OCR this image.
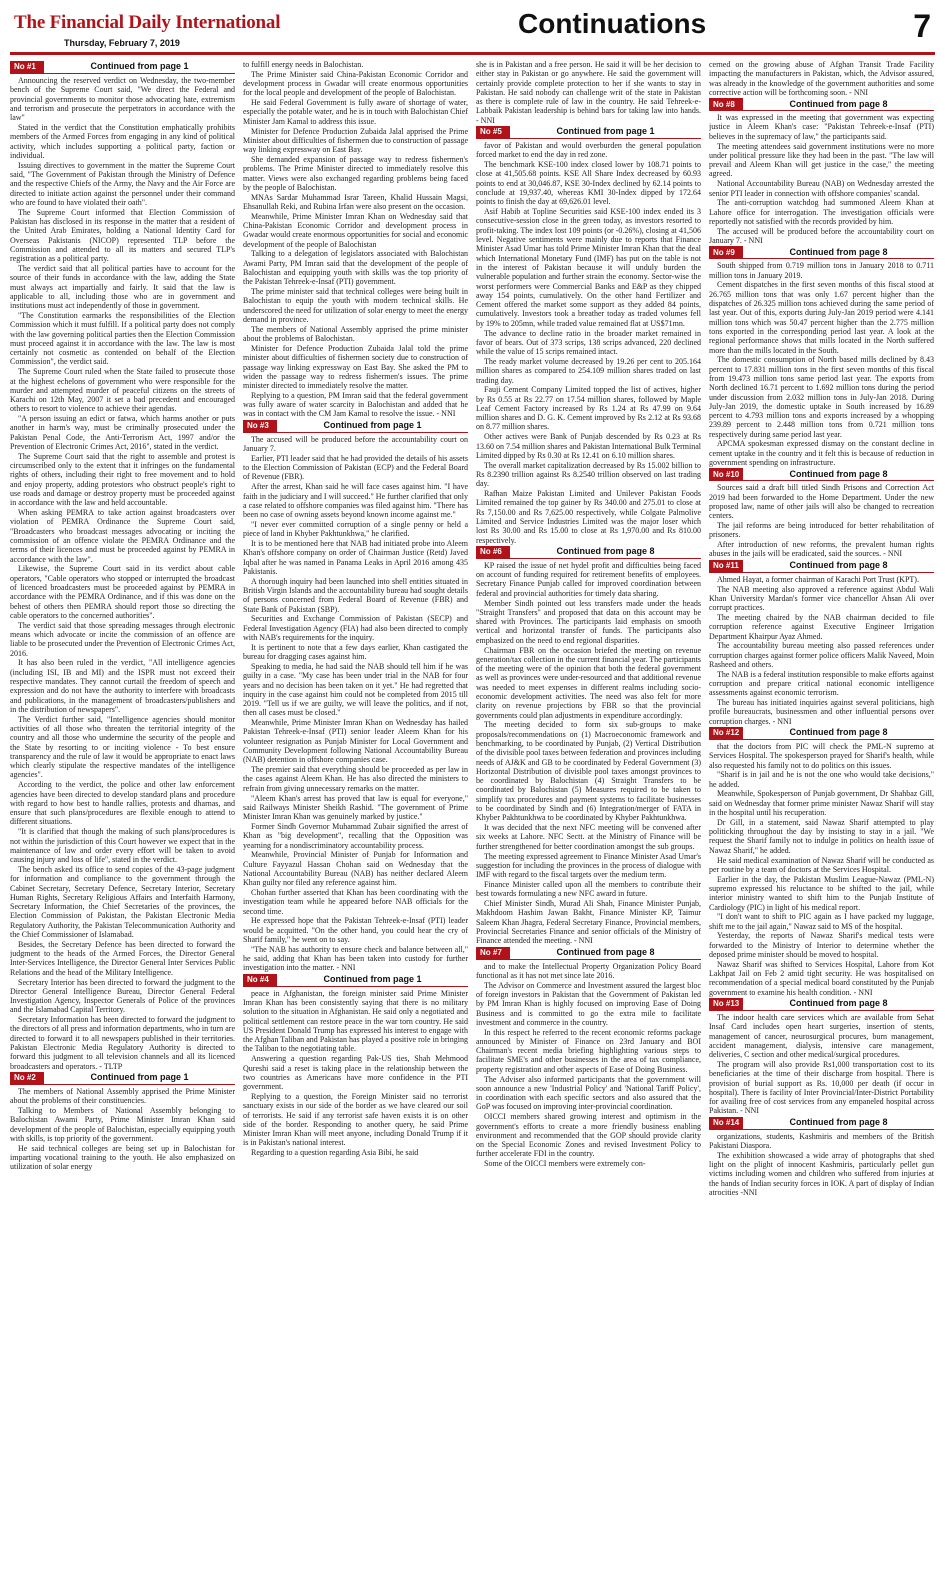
The Financial Daily International
Thursday, February 7, 2019
Continuations	7
No #1	Continued from page 1

Announcing the reserved verdict on Wednesday, the two-member bench of the Supreme Court said, "We direct the Federal and provincial governments to monitor those advocating hate, extremism and terrorism and prosecute the perpetrators in accordance with the law"

Stated in the verdict that the Constitution emphatically prohibits members of the Armed Forces from engaging in any kind of political activity, which includes supporting a political party, faction or individual.

Issuing directives to government in the matter the Supreme Court said, "The Government of Pakistan through the Ministry of Defence and the respective Chiefs of the Army, the Navy and the Air Force are directed to initiate action against the personnel under their command who are found to have violated their oath".

The Supreme Court informed that Election Commission of Pakistan has disclosed in its response in the matter that a resident of the United Arab Emirates, holding a National Identity Card for Overseas Pakistanis (NICOP) represented TLP before the Commission and attended to all its matters and secured TLP's registration as a political party.

The verdict said that all political parties have to account for the source of their funds in accordance with the law, adding the State must always act impartially and fairly. It said that the law is applicable to all, including those who are in government and institutions must act independently of those in government.

"The Constitution earmarks the responsibilities of the Election Commission which it must fulfill. If a political party does not comply with the law governing political parties then the Election Commission must proceed against it in accordance with the law. The law is most certainly not cosmetic as contended on behalf of the Election Commission", the verdict said.

The Supreme Court ruled when the State failed to prosecute those at the highest echelons of government who were responsible for the murder and attempted murder of peaceful citizens on the streets of Karachi on 12th May, 2007 it set a bad precedent and encouraged others to resort to violence to achieve their agendas.

"A person issuing an edict or fatwa, which harms another or puts another in harm's way, must be criminally prosecuted under the Pakistan Penal Code, the Anti-Terrorism Act, 1997 and/or the Prevention of Electronic Crimes Act, 2016", stated in the verdict.

The Supreme Court said that the right to assemble and protest is circumscribed only to the extent that it infringes on the fundamental rights of others, including their right to free movement and to hold and enjoy property, adding protestors who obstruct people's right to use roads and damage or destroy property must be proceeded against in accordance with the law and held accountable.

When asking PEMRA to take action against broadcasters over violation of PEMRA Ordinance the Supreme Court said, "Broadcasters who broadcast messages advocating or inciting the commission of an offence violate the PEMRA Ordinance and the terms of their licences and must be proceeded against by PEMRA in accordance with the law".

Likewise, the Supreme Court said in its verdict about cable operators, "Cable operators who stopped or interrupted the broadcast of licenced broadcasters must be proceeded against by PEMRA in accordance with the PEMRA Ordinance, and if this was done on the behest of others then PEMRA should report those so directing the cable operators to the concerned authorities".

The verdict said that those spreading messages through electronic means which advocate or incite the commission of an offence are liable to be prosecuted under the Prevention of Electronic Crimes Act, 2016.

It has also been ruled in the verdict, "All intelligence agencies (including ISI, IB and MI) and the ISPR must not exceed their respective mandates. They cannot curtail the freedom of speech and expression and do not have the authority to interfere with broadcasts and publications, in the management of broadcasters/publishers and in the distribution of newspapers".

The Verdict further said, "Intelligence agencies should monitor activities of all those who threaten the territorial integrity of the country and all those who undermine the security of the people and the State by resorting to or inciting violence - To best ensure transparency and the rule of law it would be appropriate to enact laws which clearly stipulate the respective mandates of the intelligence agencies".

According to the verdict, the police and other law enforcement agencies have been directed to develop standard plans and procedure with regard to how best to handle rallies, protests and dharnas, and ensure that such plans/procedures are flexible enough to attend to different situations.

"It is clarified that though the making of such plans/procedures is not within the jurisdiction of this Court however we expect that in the maintenance of law and order every effort will be taken to avoid causing injury and loss of life", stated in the verdict.

The bench asked its office to send copies of the 43-page judgment for information and compliance to the government through the Cabinet Secretary, Secretary Defence, Secretary Interior, Secretary Human Rights, Secretary Religious Affairs and Interfaith Harmony, Secretary Information, the Chief Secretaries of the provinces, the Election Commission of Pakistan, the Pakistan Electronic Media Regulatory Authority, the Pakistan Telecommunication Authority and the Chief Commissioner of Islamabad.

Besides, the Secretary Defence has been directed to forward the judgment to the heads of the Armed Forces, the Director General Inter-Services Intelligence, the Director General Inter Services Public Relations and the head of the Military Intelligence.

Secretary Interior has been directed to forward the judgment to the Director General Intelligence Bureau, Director General Federal Investigation Agency, Inspector Generals of Police of the provinces and the Islamabad Capital Territory.

Secretary Information has been directed to forward the judgment to the directors of all press and information departments, who in turn are directed to forward it to all newspapers published in their territories. Pakistan Electronic Media Regulatory Authority is directed to forward this judgment to all television channels and all its licenced broadcasters and operators. - TLTP

No #2	Continued from page 1

The members of National Assembly apprised the Prime Minister about the problems of their constituencies.

Talking to Members of National Assembly belonging to Balochistan Awami Party, Prime Minister Imran Khan said development of the people of Balochistan, especially equipping youth with skills, is top priority of the government.

He said technical colleges are being set up in Balochistan for imparting vocational training to the youth. He also emphasized on utilization of solar energy

to fulfill energy needs in Balochistan.

The Prime Minister said China-Pakistan Economic Corridor and development process in Gwadar will create enormous opportunities for the local people and development of the people of Balochistan.

He said Federal Government is fully aware of shortage of water, especially the potable water, and he is in touch with Balochistan Chief Minister Jam Kamal to address this issue.

Minister for Defence Production Zubaida Jalal apprised the Prime Minister about difficulties of fishermen due to construction of passage way linking expressway on East Bay.

She demanded expansion of passage way to redress fishermen's problems. The Prime Minister directed to immediately resolve this matter. Views were also exchanged regarding problems being faced by the people of Balochistan.

MNAs Sardar Muhammad Israr Tareen, Khalid Hussain Magsi, Ehsanullah Reki, and Rubina Irfan were also present on the occasion.

Meanwhile, Prime Minister Imran Khan on Wednesday said that China-Pakistan Economic Corridor and development process in Gwadar would create enormous opportunities for social and economic development of the people of Balochistan

Talking to a delegation of legislators associated with Balochistan Awami Party, PM Imran said that the development of the people of Balochistan and equipping youth with skills was the top priority of the Pakistan Tehreek-e-Insaf (PTI) government.

The prime minister said that technical colleges were being built in Balochistan to equip the youth with modern technical skills. He underscored the need for utilization of solar energy to meet the energy demand in province.

The members of National Assembly apprised the prime minister about the problems of Balochistan.

Minister for Defence Production Zubaida Jalal told the prime minister about difficulties of fishermen society due to construction of passage way linking expressway on East Bay. She asked the PM to widen the passage way to redress fishermen's issues. The prime minister directed to immediately resolve the matter.

Replying to a question, PM Imran said that the federal government was fully aware of water scarcity in Balochistan and added that he was in contact with the CM Jam Kamal to resolve the issue. - NNI

No #3	Continued from page 1

The accused will be produced before the accountability court on January 7.

Earlier, PTI leader said that he had provided the details of his assets to the Election Commission of Pakistan (ECP) and the Federal Board of Revenue (FBR).

After the arrest, Khan said he will face cases against him. "I have faith in the judiciary and I will succeed." He further clarified that only a case related to offshore companies was filed against him. "There has been no case of owning assets beyond known income against me."

"I never ever committed corruption of a single penny or held a piece of land in Khyber Pakhtunkhwa," he clarified.

It is to be mentioned here that NAB had initiated probe into Aleem Khan's offshore company on order of Chairman Justice (Retd) Javed Iqbal after he was named in Panama Leaks in April 2016 among 435 Pakistanis.

A thorough inquiry had been launched into shell entities situated in British Virgin Islands and the accountability bureau had sought details of persons concerned from Federal Board of Revenue (FBR) and State Bank of Pakistan (SBP).

Securities and Exchange Commission of Pakistan (SECP) and Federal Investigation Agency (FIA) had also been directed to comply with NAB's requirements for the inquiry.

It is pertinent to note that a few days earlier, Khan castigated the bureau for dragging cases against him.

Speaking to media, he had said the NAB should tell him if he was guilty in a case. "My case has been under trial in the NAB for four years and no decision has been taken on it yet." He had regretted that inquiry in the case against him could not be completed from 2015 till 2019. "Tell us if we are guilty, we will leave the politics, and if not, then all cases must be closed."

Meanwhile, Prime Minister Imran Khan on Wednesday has hailed Pakistan Tehreek-e-Insaf (PTI) senior leader Aleem Khan for his volunteer resignation as Punjab Minister for Local Government and Community Development following National Accountability Bureau (NAB) detention in offshore companies case.

The premier said that everything should be proceeded as per law in the cases against Aleem Khan. He has also directed the ministers to refrain from giving unnecessary remarks on the matter.

"Aleem Khan's arrest has proved that law is equal for everyone," said Railways Minister Sheikh Rashid. "The government of Prime Minister Imran Khan was genuinely marked by justice."

Former Sindh Governor Muhammad Zubair signified the arrest of Khan as "big development", recalling that the Opposition was yearning for a nondiscriminatory accountability process.

Meanwhile, Provincial Minister of Punjab for Information and Culture Fayyazul Hassan Chohan said on Wednesday that the National Accountability Bureau (NAB) has neither declared Aleem Khan guilty nor filed any reference against him.

Chohan further asserted that Khan has been coordinating with the investigation team while he appeared before NAB officials for the second time.

He expressed hope that the Pakistan Tehreek-e-Insaf (PTI) leader would be acquitted. "On the other hand, you could hear the cry of Sharif family," he went on to say.

"The NAB has authority to ensure check and balance between all," he said, adding that Khan has been taken into custody for further investigation into the matter. - NNI

No #4	Continued from page 1

peace in Afghanistan, the foreign minister said Prime Minister Imran Khan has been consistently saying that there is no military solution to the situation in Afghanistan. He said only a negotiated and political settlement can restore peace in the war torn country. He said US President Donald Trump has expressed his interest to engage with the Afghan Taliban and Pakistan has played a positive role in bringing the Taliban to the negotiating table.

Answering a question regarding Pak-US ties, Shah Mehmood Qureshi said a reset is taking place in the relationship between the two countries as Americans have more confidence in the PTI government.

Replying to a question, the Foreign Minister said no terrorist sanctuary exists in our side of the border as we have cleared our soil of terrorists. He said if any terrorist safe haven exists it is on other side of the border. Responding to another query, he said Prime Minister Imran Khan will meet anyone, including Donald Trump if it is in Pakistan's national interest.

Regarding to a question regarding Asia Bibi, he said

she is in Pakistan and a free person. He said it will be her decision to either stay in Pakistan or go anywhere. He said the government will certainly provide complete protection to her if she wants to stay in Pakistan. He said nobody can challenge writ of the state in Pakistan as there is complete rule of law in the country. He said Tehreek-e-Labbaik Pakistan leadership is behind bars for taking law into hands. - NNI

No #5	Continued from page 1

favor of Pakistan and would overburden the general population forced market to end the day in red zone.

The benchmark KSE-100 index closed lower by 108.71 points to close at 41,505.68 points. KSE All Share Index decreased by 60.93 points to end at 30,046.87, KSE 30-Index declined by 62.14 points to conclude at 19,937.40, whereas KMI 30-Index dipped by 172.64 points to finish the day at 69,626.01 level.

Asif Habib at Topline Securities said KSE-100 index ended its 3 consecutive-session close in the green today, as investors resorted to profit-taking. The index lost 109 points (or -0.26%), closing at 41,506 level. Negative sentiments were mainly due to reports that Finance Minister Asad Umar has told Prime Minister Imran Khan that the deal which International Monetary Fund (IMF) has put on the table is not in the interest of Pakistan because it will unduly burden the vulnerable population and further strain the economy. Sector-wise the worst performers were Commercial Banks and E&P as they chipped away 154 points, cumulatively. On the other hand Fertilizer and Cement offered the market some support as they added 84 points, cumulatively. Investors took a breather today as traded volumes fell by 19% to 205mn, while traded value remained flat at US$71mn.

The advance to decline ratio in the broader market remained in favor of bears. Out of 373 scrips, 138 scrips advanced, 220 declined while the value of 15 scrips remained intact.

The ready market volume decreased by 19.26 per cent to 205.164 million shares as compared to 254.109 million shares traded on last trading day.

Fauji Cement Company Limited topped the list of actives, higher by Rs 0.55 at Rs 22.77 on 17.54 million shares, followed by Maple Leaf Cement Factory increased by Rs 1.24 at Rs 47.99 on 9.64 million shares and D. G. K. Cement improved by Rs 2.12 at Rs 93.68 on 8.77 million shares.

Other actives were Bank of Punjab descended by Rs 0.23 at Rs 13.60 on 7.54 million shares and Pakistan International Bulk Terminal Limited dipped by Rs 0.30 at Rs 12.41 on 6.10 million shares.

The overall market capitalization decreased by Rs 15.002 billion to Rs 8.2390 trillion against Rs 8.2540 trillion observed on last trading day.

Rafhan Maize Pakistan Limited and Unilever Pakistan Foods Limited remained the top gainer by Rs 340.00 and 275.01 to close at Rs 7,150.00 and Rs 7,625.00 respectively, while Colgate Palmolive Limited and Service Industries Limited was the major loser which lost Rs 30.00 and Rs 15.00 to close at Rs 1,970.00 and Rs 810.00 respectively.

No #6	Continued from page 8

KP raised the issue of net hydel profit and difficulties being faced on account of funding required for retirement benefits of employees. Secretary Finance Punjab called for improved coordination between federal and provincial authorities for timely data sharing.

Member Sindh pointed out less transfers made under the heads "Straight Transfers" and proposed that data on this account may be shared with Provinces. The participants laid emphasis on smooth vertical and horizontal transfer of funds. The participants also emphasized on the need to end regional disparities.

Chairman FBR on the occasion briefed the meeting on revenue generation/tax collection in the current financial year. The participants of the meeting were of the opinion that both the federal government as well as provinces were under-resourced and that additional revenue was needed to meet expenses in different realms including socio-economic development activities. The need was also felt for more clarity on revenue projections by FBR so that the provincial governments could plan adjustments in expenditure accordingly.

The meeting decided to form six sub-groups to make proposals/recommendations on (1) Macroeconomic framework and benchmarking, to be coordinated by Punjab, (2) Vertical Distribution of the divisible pool taxes between federation and provinces including needs of AJ&K and GB to be coordinated by Federal Government (3) Horizontal Distribution of divisible pool taxes amongst provinces to be coordinated by Balochistan (4) Straight Transfers to be coordinated by Balochistan (5) Measures required to be taken to simplify tax procedures and payment systems to facilitate businesses to be coordinated by Sindh and (6) Integration/merger of FATA in Khyber Pakhtunkhwa to be coordinated by Khyber Pakhtunkhwa.

It was decided that the next NFC meeting will be convened after six weeks at Lahore. NFC Sectt. at the Ministry of Finance will be further strengthened for better coordination amongst the sub groups.

The meeting expressed agreement to Finance Minister Asad Umar's suggestion for including the provinces in the process of dialogue with IMF with regard to the fiscal targets over the medium term.

Finance Minister called upon all the members to contribute their best towards formulating a new NFC award in future.

Chief Minister Sindh, Murad Ali Shah, Finance Minister Punjab, Makhdoom Hashim Jawan Bakht, Finance Minister KP, Taimur Saleem Khan Jhagra, Federal Secretary Finance, Provincial members, Provincial Secretaries Finance and senior officials of the Ministry of Finance attended the meeting. - NNI

No #7	Continued from page 8

and to make the Intellectual Property Organization Policy Board functional as it has not met since late 2016.

The Advisor on Commerce and Investment assured the largest bloc of foreign investors in Pakistan that the Government of Pakistan led by PM Imran Khan is highly focused on improving Ease of Doing Business and is committed to go the extra mile to facilitate investment and commerce in the country.

In this respect he referred to the recent economic reforms package announced by Minister of Finance on 23rd January and BOI Chairman's recent media briefing highlighting various steps to facilitate SME's and other businesses in the area of tax compliance, property registration and other aspects of Ease of Doing Business.

The Adviser also informed participants that the government will soon announce a new 'Industrial Policy' and 'National Tariff Policy', in coordination with each specific sectors and also assured that the GoP was focused on improving inter-provincial coordination.

OICCI members shared growing interest and optimism in the government's efforts to create a more friendly business enabling environment and recommended that the GOP should provide clarity on the Special Economic Zones and revised Investment Policy to further accelerate FDI in the country.

Some of the OICCI members were extremely con-

cerned on the growing abuse of Afghan Transit Trade Facility impacting the manufacturers in Pakistan, which, the Advisor assured, was already in the knowledge of the government authorities and some corrective action will be forthcoming soon. - NNI

No #8	Continued from page 8

It was expressed in the meeting that government was expecting justice in Aleem Khan's case: "Pakistan Tehreek-e-Insaf (PTI) believes in the supremacy of law," the participants said.

The meeting attendees said government institutions were no more under political pressure like they had been in the past. "The law will prevail and Aleem Khan will get justice in the case," the meeting agreed.

National Accountability Bureau (NAB) on Wednesday arrested the senior PTI leader in connection with offshore companies' scandal.

The anti-corruption watchdog had summoned Aleem Khan at Lahore office for interrogation. The investigation officials were reportedly not satisfied with the records provided by him.

The accused will be produced before the accountability court on January 7. - NNI

No #9	Continued from page 8

South shipped from 0.719 million tons in January 2018 to 0.711 million tons in January 2019.

Cement dispatches in the first seven months of this fiscal stood at 26.765 million tons that was only 1.67 percent higher than the dispatches of 26.325 million tons achieved during the same period of last year. Out of this, exports during July-Jan 2019 period were 4.141 million tons which was 50.47 percent higher than the 2.775 million tons exported in the corresponding period last year. A look at the regional performance shows that mills located in the North suffered more than the mills located in the South.

The domestic consumption of North based mills declined by 8.43 percent to 17.831 million tons in the first seven months of this fiscal from 19.473 million tons same period last year. The exports from North declined 16.71 percent to 1.692 million tons during the period under discussion from 2.032 million tons in July-Jan 2018. During July-Jan 2019, the domestic uptake in South increased by 16.89 percent to 4.793 million tons and exports increased by a whopping 239.89 percent to 2.448 million tons from 0.721 million tons respectively during same period last year.

APCMA spokesman expressed dismay on the constant decline in cement uptake in the country and it felt this is because of reduction in government spending on infrastructure.

No #10	Continued from page 8

Sources said a draft bill titled Sindh Prisons and Correction Act 2019 had been forwarded to the Home Department. Under the new proposed law, name of other jails will also be changed to recreation centers.

The jail reforms are being introduced for better rehabilitation of prisoners.

After introduction of new reforms, the prevalent human rights abuses in the jails will be eradicated, said the sources. - NNI

No #11	Continued from page 8

Ahmed Hayat, a former chairman of Karachi Port Trust (KPT).

The NAB meeting also approved a reference against Abdul Wali Khan University Mardan's former vice chancellor Ahsan Ali over corrupt practices.

The meeting chaired by the NAB chairman decided to file corruption reference against Executive Engineer Irrigation Department Khairpur Ayaz Ahmed.

The accountability bureau meeting also passed references under corruption charges against former police officers Malik Naveed, Moin Rasheed and others.

The NAB is a federal institution responsible to make efforts against corruption and prepare critical national economic intelligence assessments against economic terrorism.

The bureau has initiated inquiries against several politicians, high profile bureaucrats, businessmen and other influential persons over corruption charges. - NNI

No #12	Continued from page 8

that the doctors from PIC will check the PML-N supremo at Services Hospital. The spokesperson prayed for Sharif's health, while also requested his family not to do politics on this issues.

"Sharif is in jail and he is not the one who would take decisions," he added.

Meanwhile, Spokesperson of Punjab government, Dr Shahbaz Gill, said on Wednesday that former prime minister Nawaz Sharif will stay in the hospital until his recuperation.

Dr Gill, in a statement, said Nawaz Sharif attempted to play politicking throughout the day by insisting to stay in a jail. "We request the Sharif family not to indulge in politics on health issue of Nawaz Sharif," he added.

He said medical examination of Nawaz Sharif will be conducted as per routine by a team of doctors at the Services Hospital.

Earlier in the day, the Pakistan Muslim League-Nawaz (PML-N) supremo expressed his reluctance to be shifted to the jail, while interior ministry wanted to shift him to the Punjab Institute of Cardiology (PIC) in light of his medical report.

"I don't want to shift to PIC again as I have packed my luggage, shift me to the jail again," Nawaz said to MS of the hospital.

Yesterday, the reports of Nawaz Sharif's medical tests were forwarded to the Ministry of Interior to determine whether the deposed prime minister should be moved to hospital.

Nawaz Sharif was shifted to Services Hospital, Lahore from Kot Lakhpat Jail on Feb 2 amid tight security. He was hospitalised on recommendation of a special medical board constituted by the Punjab government to examine his health condition. - NNI

No #13	Continued from page 8

The indoor health care services which are available from Sehat Insaf Card includes open heart surgeries, insertion of stents, management of cancer, neurosurgical procures, burn management, accident management, dialysis, intensive care management, deliveries, C section and other medical/surgical procedures.

The program will also provide Rs1,000 transportation cost to its beneficiaries at the time of their discharge from hospital. There is provision of burial support as Rs. 10,000 per death (if occur in hospital). There is facility of Inter Provincial/Inter-District Portability for availing free of cost services from any empaneled hospital across Pakistan. - NNI

No #14	Continued from page 8

organizations, students, Kashmiris and members of the British Pakistani Diaspora.

The exhibition showcased a wide array of photographs that shed light on the plight of innocent Kashmiris, particularly pellet gun victims including women and children who suffered from injuries at the hands of Indian security forces in IOK. A part of display of Indian atrocities -NNI
